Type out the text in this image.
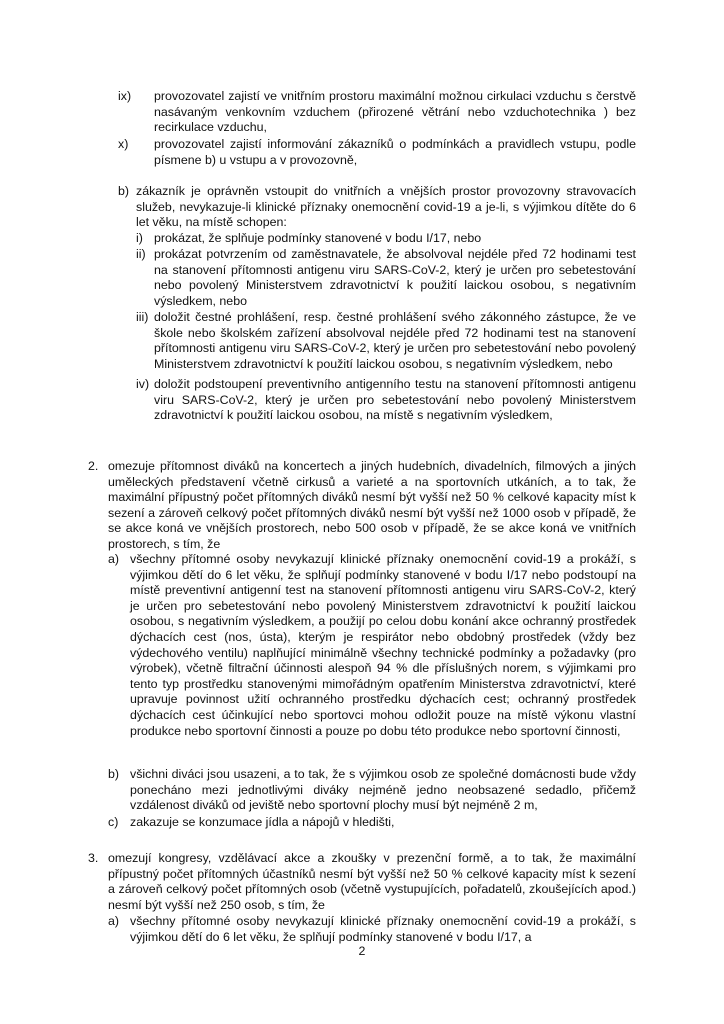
ix)	provozovatel zajistí ve vnitřním prostoru maximální možnou cirkulaci vzduchu s čerstvě nasávaným venkovním vzduchem (přirozené větrání nebo vzduchotechnika ) bez recirkulace vzduchu,
x)	provozovatel zajistí informování zákazníků o podmínkách a pravidlech vstupu, podle písmene b) u vstupu a v provozovně,
b) zákazník je oprávněn vstoupit do vnitřních a vnějších prostor provozovny stravovacích služeb, nevykazuje-li klinické příznaky onemocnění covid-19 a je-li, s výjimkou dítěte do 6 let věku, na místě schopen:
i) prokázat, že splňuje podmínky stanovené v bodu I/17, nebo
ii) prokázat potvrzením od zaměstnavatele, že absolvoval nejdéle před 72 hodinami test na stanovení přítomnosti antigenu viru SARS-CoV-2, který je určen pro sebetestování nebo povolený Ministerstvem zdravotnictví k použití laickou osobou, s negativním výsledkem, nebo
iii) doložit čestné prohlášení, resp. čestné prohlášení svého zákonného zástupce, že ve škole nebo školském zařízení absolvoval nejdéle před 72 hodinami test na stanovení přítomnosti antigenu viru SARS-CoV-2, který je určen pro sebetestování nebo povolený Ministerstvem zdravotnictví k použití laickou osobou, s negativním výsledkem, nebo
iv) doložit podstoupení preventivního antigenního testu na stanovení přítomnosti antigenu viru SARS-CoV-2, který je určen pro sebetestování nebo povolený Ministerstvem zdravotnictví k použití laickou osobou, na místě s negativním výsledkem,
2. omezuje přítomnost diváků na koncertech a jiných hudebních, divadelních, filmových a jiných uměleckých představení včetně cirkusů a varieté a na sportovních utkáních, a to tak, že maximální přípustný počet přítomných diváků nesmí být vyšší než 50 % celkové kapacity míst k sezení a zároveň celkový počet přítomných diváků nesmí být vyšší než 1000 osob v případě, že se akce koná ve vnějších prostorech, nebo 500 osob v případě, že se akce koná ve vnitřních prostorech, s tím, že
a) všechny přítomné osoby nevykazují klinické příznaky onemocnění covid-19 a prokáží, s výjimkou dětí do 6 let věku, že splňují podmínky stanovené v bodu I/17 nebo podstoupí na místě preventivní antigenní test na stanovení přítomnosti antigenu viru SARS-CoV-2, který je určen pro sebetestování nebo povolený Ministerstvem zdravotnictví k použití laickou osobou, s negativním výsledkem, a použijí po celou dobu konání akce ochranný prostředek dýchacích cest (nos, ústa), kterým je respirátor nebo obdobný prostředek (vždy bez výdechového ventilu) naplňující minimálně všechny technické podmínky a požadavky (pro výrobek), včetně filtrační účinnosti alespoň 94 % dle příslušných norem, s výjimkami pro tento typ prostředku stanovenými mimořádným opatřením Ministerstva zdravotnictví, které upravuje povinnost užití ochranného prostředku dýchacích cest; ochranný prostředek dýchacích cest účinkující nebo sportovci mohou odložit pouze na místě výkonu vlastní produkce nebo sportovní činnosti a pouze po dobu této produkce nebo sportovní činnosti,
b) všichni diváci jsou usazeni, a to tak, že s výjimkou osob ze společné domácnosti bude vždy ponecháno mezi jednotlivými diváky nejméně jedno neobsazené sedadlo, přičemž vzdálenost diváků od jeviště nebo sportovní plochy musí být nejméně 2 m,
c) zakazuje se konzumace jídla a nápojů v hledišti,
3. omezují kongresy, vzdělávací akce a zkoušky v prezenční formě, a to tak, že maximální přípustný počet přítomných účastníků nesmí být vyšší než 50 % celkové kapacity míst k sezení a zároveň celkový počet přítomných osob (včetně vystupujících, pořadatelů, zkoušejících apod.) nesmí být vyšší než 250 osob, s tím, že
a) všechny přítomné osoby nevykazují klinické příznaky onemocnění covid-19 a prokáží, s výjimkou dětí do 6 let věku, že splňují podmínky stanovené v bodu I/17, a
2
